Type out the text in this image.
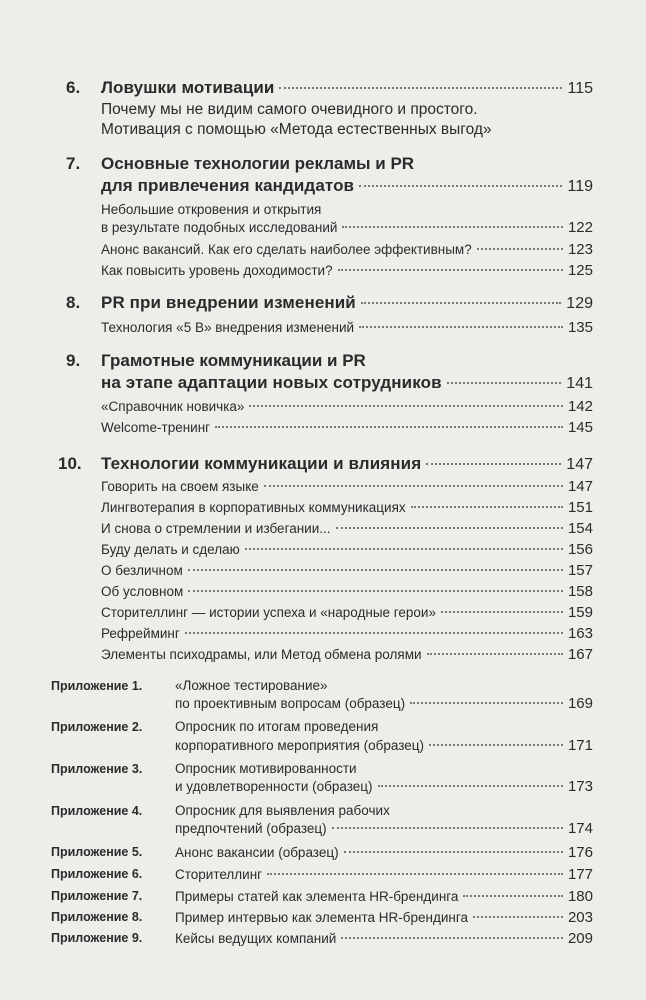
6. Ловушки мотивации	115
Почему мы не видим самого очевидного и простого.
Мотивация с помощью «Метода естественных выгод»
7. Основные технологии рекламы и PR
для привлечения кандидатов	119
Небольшие откровения и открытия
в результате подобных исследований	122
Анонс вакансий. Как его сделать наиболее эффективным?	123
Как повысить уровень доходимости?	125
8. PR при внедрении изменений	129
Технология «5 В» внедрения изменений	135
9. Грамотные коммуникации и PR
на этапе адаптации новых сотрудников	141
«Справочник новичка»	142
Welcome-тренинг	145
10. Технологии коммуникации и влияния	147
Говорить на своем языке	147
Лингвотерапия в корпоративных коммуникациях	151
И снова о стремлении и избегании...	154
Буду делать и сделаю	156
О безличном	157
Об условном	158
Сторителлинг — истории успеха и «народные герои»	159
Рефрейминг	163
Элементы психодрамы, или Метод обмена ролями	167
Приложение 1. «Ложное тестирование»
по проективным вопросам (образец)	169
Приложение 2. Опросник по итогам проведения
корпоративного мероприятия (образец)	171
Приложение 3. Опросник мотивированности
и удовлетворенности (образец)	173
Приложение 4. Опросник для выявления рабочих
предпочтений (образец)	174
Приложение 5. Анонс вакансии (образец)	176
Приложение 6. Сторителлинг	177
Приложение 7. Примеры статей как элемента HR-брендинга	180
Приложение 8. Пример интервью как элемента HR-брендинга	203
Приложение 9. Кейсы ведущих компаний	209
